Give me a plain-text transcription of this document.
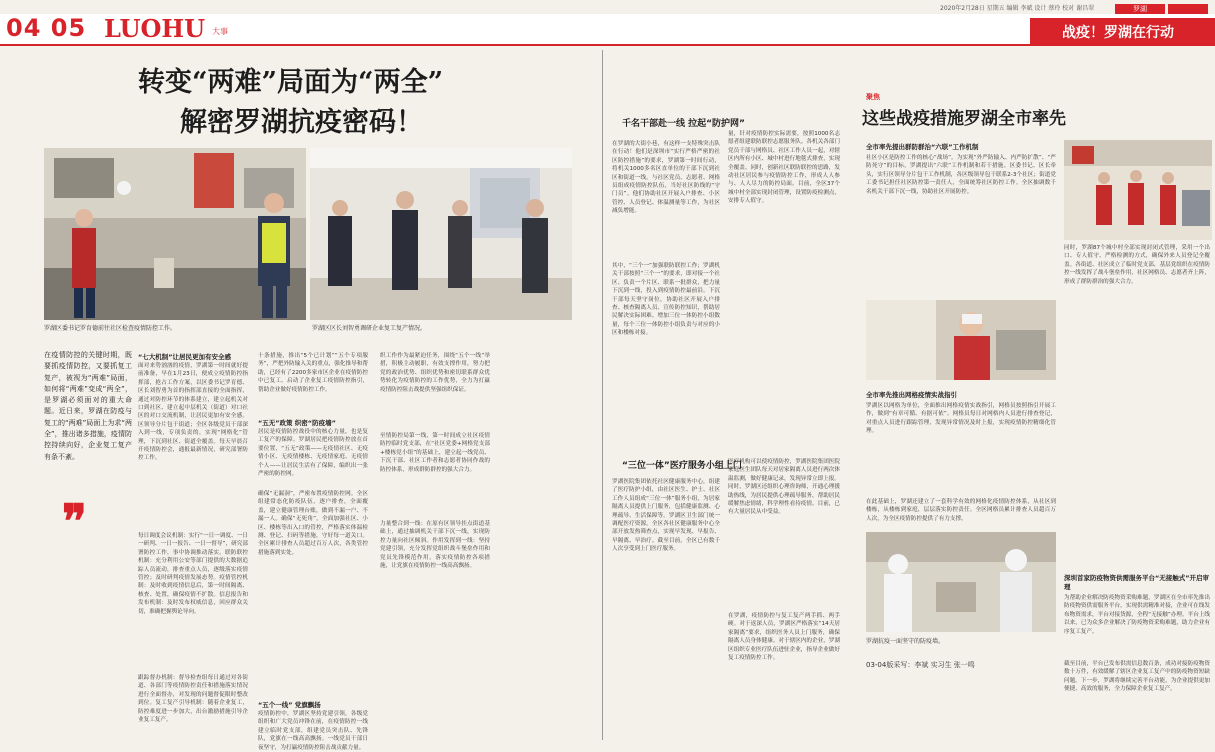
04 05 LUOHU 大事
2020年2月28日 星期五 编辑 李斌 设计 蔡玲 校对 谢昌翠	罗湖
战疫！罗湖在行动
转变“两难”局面为“两全”
解密罗湖抗疫密码！
罗湖区委书记罗育德前往社区检查疫情防控工作。	罗湖区区长刘智勇调研企业复工复产情况。
在疫情防控的关键时期，既要抓疫情防控，又要抓复工复产，被视为“两难”局面，如何将“两难”变成“两全”，是罗湖必须面对的重大命题。近日来，罗湖在防疫与复工的“两难”局面上为求“两全”，推出诸多措施，疫情防控持续向好，企业复工复产有条不紊。
❞
“七大机制”让居民更加有安全感
面对来势汹汹的疫情，罗湖第一时间就好提前准备，早在1月23日，便成立疫情防控指挥部，抢占工作方案，以区委书记罗育德、区长刘智勇为首的指挥部直接的全面指挥，通过对防控环节的体系建立，建立起机关对口到社区、建立起中层机关（街道）对口社区的对口交流机制，让居民更加有安全感。区领导分片包干街道；全区各级党员干部深入到一线，专项负责的，实现“网格化”管理，下沉到社区、街道全覆盖。每天早晨召开疫情防控会，通报最新情况，研究部署防控工作。
每日调度会议机制：实行“一日一调度、一日一研判、一日一报告、一日一督导”，研究部署防控工作，事中协调推动落实。联防联控机制：充分利用公安等部门提供的大数据追踪人员流动，排查重点人员，逐级落实疫情管控；及时研判疫情发展态势。疫情管控机制：及时收到疫情信息后，第一时间隔离、核查、处置，确保疫情不扩散。信息报告和发布机制：及时发布权威信息，回应群众关切，准确把握舆论导向。
跟踪督办机制：督导检查组每日通过对各街道、各部门等疫情防控责任和措施落实情况进行全面督办，对发现的问题督促限时整改到位。复工复产引导机制：随着企业复工，防控难度进一步加大，出台激励措施引导企业复工复产。
十条措施，推出“5个已计划”“五个专项服务”，严把外防输入关的重点，强化推导和帮助，已经有了2200多家市区企业在疫情防控中已复工。启动了企业复工疫情防控指引，帮助企业做好疫情防控工作。
“五无”政策 织密“防疫墙”
居民是疫情防控战役中的核心力量，也是复工复产的保障。罗湖居民把疫情防控放在首要位置，“五无”政策——无疫情社区、无疫情小区、无疫情楼栋、无疫情家庭、无疫情个人——让居民生活有了保障，编织出一张严密的防控网。
确保“无漏洞”，严密布置疫情防控网。全区组建常态化防疫队伍，逐户排查，全面覆盖，建立健康管理台账，做到不漏一户、不漏一人。确保“无死角”，全面加强社区、小区、楼栋等出入口的管控，严格落实体温检测、登记、扫码等措施，守好每一道关口。全区累计排查人员超过百万人次，各类管控措施落到实处。
“五个一线” 党旗飘扬
疫情防控中，罗湖区坚持党建引领，各级党组织和广大党员冲锋在前，在疫情防控一线建立临时党支部，组建党员突击队、先锋队，党旗在一线高高飘扬。一线党员干部日夜坚守，为打赢疫情防控阻击战贡献力量。
织工作作为最紧迫任务，围绕“五个一线”举措，积极主动履职，有效支撑作用，努力把党的政治优势、组织优势和密切联系群众优势转化为疫情防控的工作优势，全力为打赢疫情防控阻击战提供坚强组织保证。
至情防控局第一线，第一时间成立社区疫情防控临时党支部，在“社区党委+网格党支部+楼栋党小组”的基础上，建立起一线党员、下沉干部、社区工作者和志愿者协同作战的防控体系，形成群防群控的强大合力。
力量整合到一线：在原有区领导挂点街道基础上，通过抽调机关干部下沉一线，实现防控力量向社区倾斜。作用发挥到一线：坚持党建引领，充分发挥党组织战斗堡垒作用和党员先锋模范作用，落实疫情防控各项措施，让党旗在疫情防控一线高高飘扬。
千名干部赴一线 拉起“防护网”
在罗湖的大街小巷，有这样一支特殊突击队在行动！他们是深圳市“实行严格严密的社区防控措施”的要求，罗湖第一时间行动，将机关1000多名区直单位的干部下沉到社区和街道一线，与社区党员、志愿者、网格员组成疫情防控队伍，当好社区防线的“守门员”。他们协助社区开展入户排查、小区管控、人员登记、体温测量等工作，为社区减负增能。
其中，“三个一”加强联防联控工作；罗湖机关干部按照“三个一”的要求，即对接一个社区、负责一个片区、联系一批群众，把力量下沉到一线，投入到疫情防控最前沿。下沉干部每天坚守岗位，协助社区开展入户排查、核查隔离人员、宣传防控知识，帮助居民解决实际困难。增加三位一体防控小组数量，每个三位一体防控小组负责与对应的小区和楼栋对接。
量，针对疫情防控实际需要，按照1000名志愿者组建联防联控志愿服务队。各机关各部门党员干部与网格员、社区工作人员一起，对辖区内所有小区、城中村进行地毯式排查，实现全覆盖。同时，创新社区联防联控的思路，发动社区居民参与疫情防控工作，形成人人参与、人人尽力的防控局面。目前，全区37个城中村全部实现封闭管理，设置防疫检测点，安排专人值守。
“三位一体”医疗服务小组上门
罗湖医院集团依托社区健康服务中心，组建了医疗防护小组，由社区医生、护士、社区工作人员组成“三位一体”服务小组，为居家隔离人员提供上门服务，包括健康监测、心理疏导、生活保障等。罗湖区卫生部门统一调配医疗资源，全区各社区健康服务中心全部开放发热筛查点，实现早发现、早报告、早隔离、早治疗。截至目前，全区已有数千人次享受到上门医疗服务。
医疗机构可以使疫情防控，罗湖医院集团医院家庭医生团队每天对居家隔离人员进行两次体温监测，做好健康记录，发现异常立即上报。同时，罗湖区还组织心理咨询师，开通心理援助热线，为居民提供心理疏导服务，帮助居民缓解焦虑情绪，科学理性看待疫情。目前，已有大量居民从中受益。
在罗湖，疫情防控与复工复产两手抓、两手硬。对于返深人员，罗湖区严格落实“14天居家隔离”要求，组织医务人员上门服务，确保隔离人员身体健康。对于辖区内的企业，罗湖区组织专业医疗队伍进驻企业，指导企业做好复工疫情防控工作。
聚焦
这些战疫措施罗湖全市率先
全市率先提出群防群治“六联”工作机制
社区小区是防控工作的核心“战场”。为实现“外严防输入、内严防扩散”、“严防死守”的目标，罗湖提出“六联”工作机制和若干措施。区委书记、区长牵头，实行区领导分片包干工作机制，各区级领导包干联系2-3个社区；街道党工委书记担任社区防控第一责任人，全面统筹社区防控工作。全区抽调数千名机关干部下沉一线，协助社区开展防控。
同时，罗湖87个城中村全部实现封闭式管理，采用一个出口、专人值守、严格检测的方式，确保外来人员登记全覆盖。各街道、社区成立了临时党支部，基层党组织在疫情防控一线发挥了战斗堡垒作用，社区网格员、志愿者齐上阵，形成了群防群治的强大合力。
全市率先推出网格疫情实战指引
罗湖区以网格为单位，全面推出网格疫情实战指引，网格员按照指引开展工作，做到“有章可循、有据可依”。网格员每日对网格内人员进行排查登记，对重点人员进行跟踪管理，发现异常情况及时上报，实现疫情防控精细化管理。
在此基础上，罗湖还建立了一套科学有效的网格化疫情防控体系，从社区到楼栋，从楼栋到家庭，层层落实防控责任。全区网格员累计排查人员超百万人次，为全区疫情防控提供了有力支撑。
罗湖抗疫一面坚守的防疫墙。
深圳首家防疫物资供需服务平台“无接触式”开启审理
为帮助企业解决防疫物资采购难题，罗湖区在全市率先推出防疫物资供需服务平台，实现供需精准对接，企业可在线发布物资需求，平台对接货源，全程“无接触”办理。平台上线以来，已为众多企业解决了防疫物资采购难题，助力企业有序复工复产。
截至目前，平台已发布供需信息数百条，成功对接防疫物资数十万件，有效缓解了辖区企业复工复产中的防疫物资短缺问题。下一步，罗湖将继续完善平台功能，为企业提供更加便捷、高效的服务，全力保障企业复工复产。
03-04版采写：李斌 实习生 张一鸣
